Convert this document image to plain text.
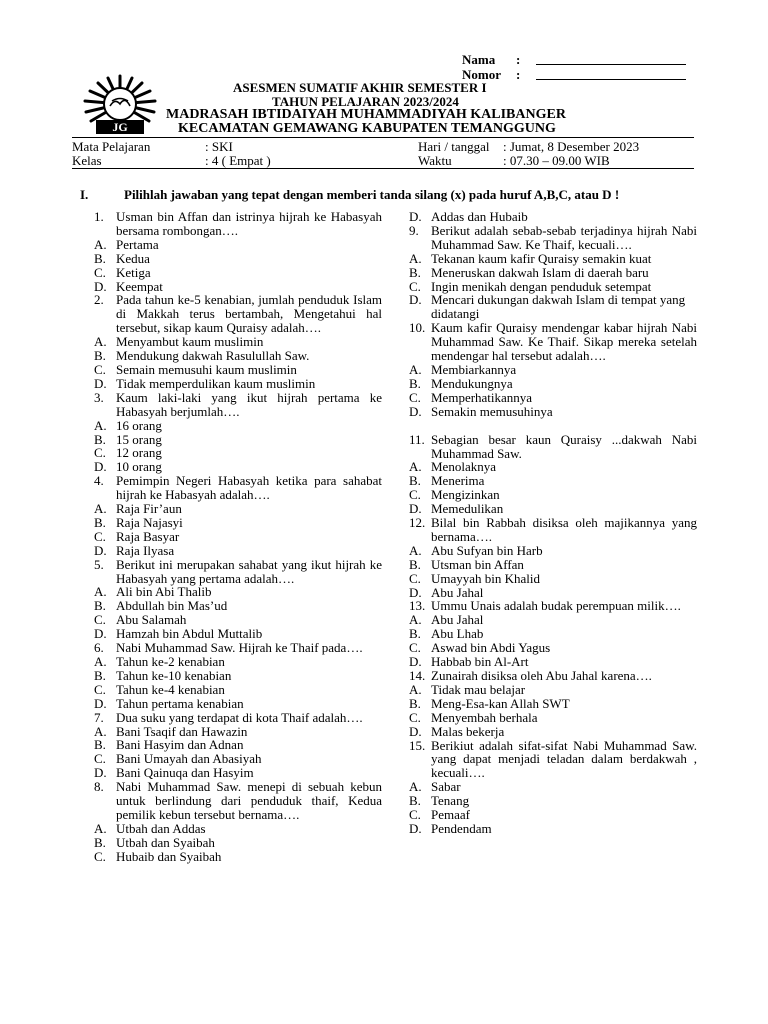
Nama :
Nomor :
JG
ASESMEN SUMATIF AKHIR SEMESTER I
TAHUN PELAJARAN 2023/2024
MADRASAH IBTIDAIYAH MUHAMMADIYAH KALIBANGER
KECAMATAN GEMAWANG KABUPATEN TEMANGGUNG
Mata Pelajaran	: SKI	Hari / tanggal : Jumat, 8 Desember 2023
Kelas	: 4 ( Empat )	Waktu	: 07.30 – 09.00 WIB
I.	Pilihlah jawaban yang tepat dengan memberi tanda silang (x) pada huruf A,B,C, atau D !
1. Usman bin Affan dan istrinya hijrah ke Habasyah bersama rombongan….
A. Pertama
B. Kedua
C. Ketiga
D. Keempat
2. Pada tahun ke-5 kenabian, jumlah penduduk Islam di Makkah terus bertambah, Mengetahui hal tersebut, sikap kaum Quraisy adalah….
A. Menyambut kaum muslimin
B. Mendukung dakwah Rasulullah Saw.
C. Semain memusuhi kaum muslimin
D. Tidak memperdulikan kaum muslimin
3. Kaum laki-laki yang ikut hijrah pertama ke Habasyah berjumlah….
A. 16 orang
B. 15 orang
C. 12 orang
D. 10 orang
4. Pemimpin Negeri Habasyah ketika para sahabat hijrah ke Habasyah adalah….
A. Raja Fir’aun
B. Raja Najasyi
C. Raja Basyar
D. Raja Ilyasa
5. Berikut ini merupakan sahabat yang ikut hijrah ke Habasyah yang pertama adalah….
A. Ali bin Abi Thalib
B. Abdullah bin Mas’ud
C. Abu Salamah
D. Hamzah bin Abdul Muttalib
6. Nabi Muhammad Saw. Hijrah ke Thaif pada….
A. Tahun ke-2 kenabian
B. Tahun ke-10 kenabian
C. Tahun ke-4 kenabian
D. Tahun pertama kenabian
7. Dua suku yang terdapat di kota Thaif adalah….
A. Bani Tsaqif dan Hawazin
B. Bani Hasyim dan Adnan
C. Bani Umayah dan Abasiyah
D. Bani Qainuqa dan Hasyim
8. Nabi Muhammad Saw. menepi di sebuah kebun untuk berlindung dari penduduk thaif, Kedua pemilik kebun tersebut bernama….
A. Utbah dan Addas
B. Utbah dan Syaibah
C. Hubaib dan Syaibah
D. Addas dan Hubaib
9. Berikut adalah sebab-sebab terjadinya hijrah Nabi Muhammad Saw. Ke Thaif, kecuali….
A. Tekanan kaum kafir Quraisy semakin kuat
B. Meneruskan dakwah Islam di daerah baru
C. Ingin menikah dengan penduduk setempat
D. Mencari dukungan dakwah Islam di tempat yang didatangi
10. Kaum kafir Quraisy mendengar kabar hijrah Nabi Muhammad Saw. Ke Thaif. Sikap mereka setelah mendengar hal tersebut adalah….
A. Membiarkannya
B. Mendukungnya
C. Memperhatikannya
D. Semakin memusuhinya
11. Sebagian besar kaun Quraisy ...dakwah Nabi Muhammad Saw.
A. Menolaknya
B. Menerima
C. Mengizinkan
D. Memedulikan
12. Bilal bin Rabbah disiksa oleh majikannya yang bernama….
A. Abu Sufyan bin Harb
B. Utsman bin Affan
C. Umayyah bin Khalid
D. Abu Jahal
13. Ummu Unais adalah budak perempuan milik….
A. Abu Jahal
B. Abu Lhab
C. Aswad bin Abdi Yagus
D. Habbab bin Al-Art
14. Zunairah disiksa oleh Abu Jahal karena….
A. Tidak mau belajar
B. Meng-Esa-kan Allah SWT
C. Menyembah berhala
D. Malas bekerja
15. Berikiut adalah sifat-sifat Nabi Muhammad Saw. yang dapat menjadi teladan dalam berdakwah , kecuali….
A. Sabar
B. Tenang
C. Pemaaf
D. Pendendam
